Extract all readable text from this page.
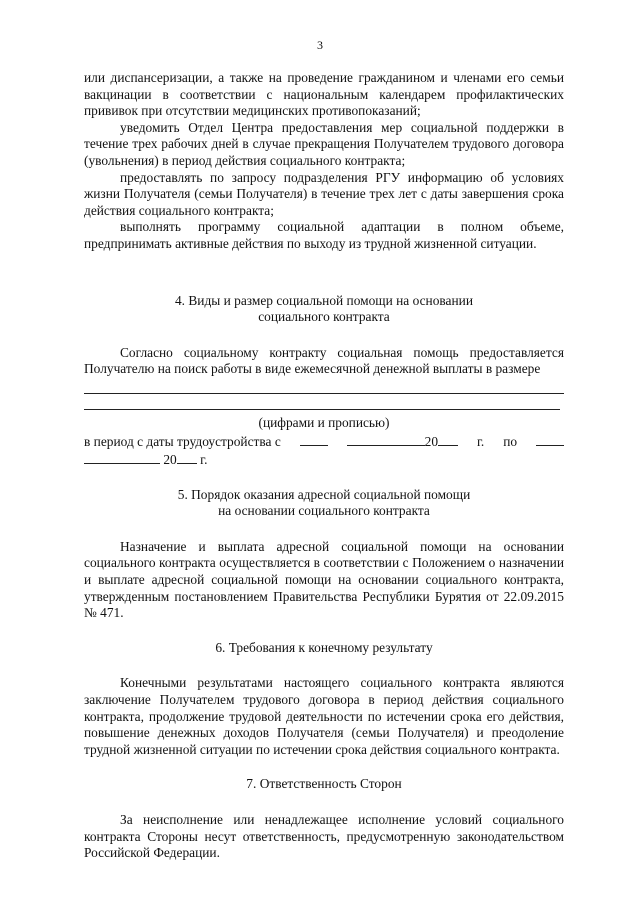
3

или диспансеризации, а также на проведение гражданином и членами его семьи вакцинации в соответствии с национальным календарем профилактических прививок при отсутствии медицинских противопоказаний;

уведомить Отдел Центра предоставления мер социальной поддержки в течение трех рабочих дней в случае прекращения Получателем трудового договора (увольнения) в период действия социального контракта;

предоставлять по запросу подразделения РГУ информацию об условиях жизни Получателя (семьи Получателя) в течение трех лет с даты завершения срока действия социального контракта;

выполнять программу социальной адаптации в полном объеме, предпринимать активные действия по выходу из трудной жизненной ситуации.

4. Виды и размер социальной помощи на основании
социального контракта

Согласно социальному контракту социальная помощь предоставляется Получателю на поиск работы в виде ежемесячной денежной выплаты в размере

(цифрами и прописью)

в период с даты трудоустройства с	20	г. по
20 г.
5. Порядок оказания адресной социальной помощи
на основании социального контракта

Назначение и выплата адресной социальной помощи на основании социального контракта осуществляется в соответствии с Положением о назначении и выплате адресной социальной помощи на основании социального контракта, утвержденным постановлением Правительства Республики Бурятия от 22.09.2015 № 471.

6. Требования к конечному результату

Конечными результатами настоящего социального контракта являются заключение Получателем трудового договора в период действия социального контракта, продолжение трудовой деятельности по истечении срока его действия, повышение денежных доходов Получателя (семьи Получателя) и преодоление трудной жизненной ситуации по истечении срока действия социального контракта.

7. Ответственность Сторон

За неисполнение или ненадлежащее исполнение условий социального контракта Стороны несут ответственность, предусмотренную законодательством Российской Федерации.
